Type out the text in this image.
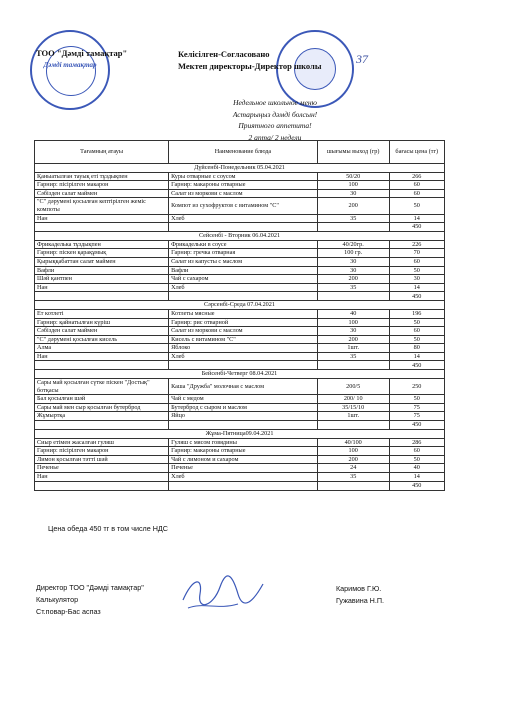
Дәмді тамақтар
ТОО "Дәмді тамақтар"	Келісілген-Согласовано
Мектеп директоры-Директор школы	37
Недельное школьное меню
Астарыңыз дәмді болсын!
Приятного аппетита!
2 апта/ 2 недели
Тағамның атауы	Наименование блюда	шығымы выход (гр)	бағасы цена (тг)
Дүйсенбі-Понедельник 05.04.2021			
Қаныатылған тауық еті тұздықпен	Куры отварные с соусом	50/20	266
Гарнир: пісірілген макарон	Гарнир: макароны отварные	100	60
Сәбізден салат маймен	Салат из моркови с маслом	30	60
"С" дәрумені қосылған кептірілген жеміс компоты	Компот из сухофруктов с витамином "С"	200	50
Нан	Хлеб	35	14
			450
Сейсенбі - Вторник 06.04.2021			
Фрикаделька тұздықпен	Фрикадельки в соусе	40/20гр.	226
Гарнир: піскен қарақұмық	Гарнир: гречка отварная	100 гр.	70
Қырыққабаттан салат маймен	Салат из капусты с маслом	30	60
Вафли	Вафли	30	50
Шәй қантпен	Чай с сахаром	200	30
Нан	Хлеб	35	14
			450
Сәрсенбі-Среда 07.04.2021			
Ет котлеті	Котлеты мясные	40	196
Гарнир: қайнатылған күріш	Гарнир: рис отварной	100	50
Сәбізден салат маймен	Салат из моркови с маслом	30	60
"С" дәрумені қосылған кисель	Кисель с витамином "С"	200	50
Алма	Яблоко	1шт.	80
Нан	Хлеб	35	14
			450
Бейсенбі-Четверг 08.04.2021			
Сары май қосылған сүтке піскен "Достық" ботқасы	Каша "Дружба" молочная с маслом	200/5	250
Бал қосылған шәй	Чай с медом	200/ 10	50
Сары май мен сыр қосылған бутерброд	Бутерброд с сыром и маслом	35/15/10	75
Жұмыртқа	Яйцо	1шт.	75
			450
Жұма-Пятница09.04.2021			
Сиыр етімен жасалған гуляш	Гуляш с мясом говядины	40/100	286
Гарнир: пісірілген макарон	Гарнир: макароны отварные	100	60
Лимон қосылған тәтті шәй	Чай с лимоном и сахаром	200	50
Печенье	Печенье	24	40
Нан	Хлеб	35	14
			450
Цена обеда 450 тг в том числе НДС
Директор ТОО "Дәмді тамақтар"
Калькулятор
Ст.повар-Бас аспаз
Каримов Г.Ю.
Гужавина Н.П.
